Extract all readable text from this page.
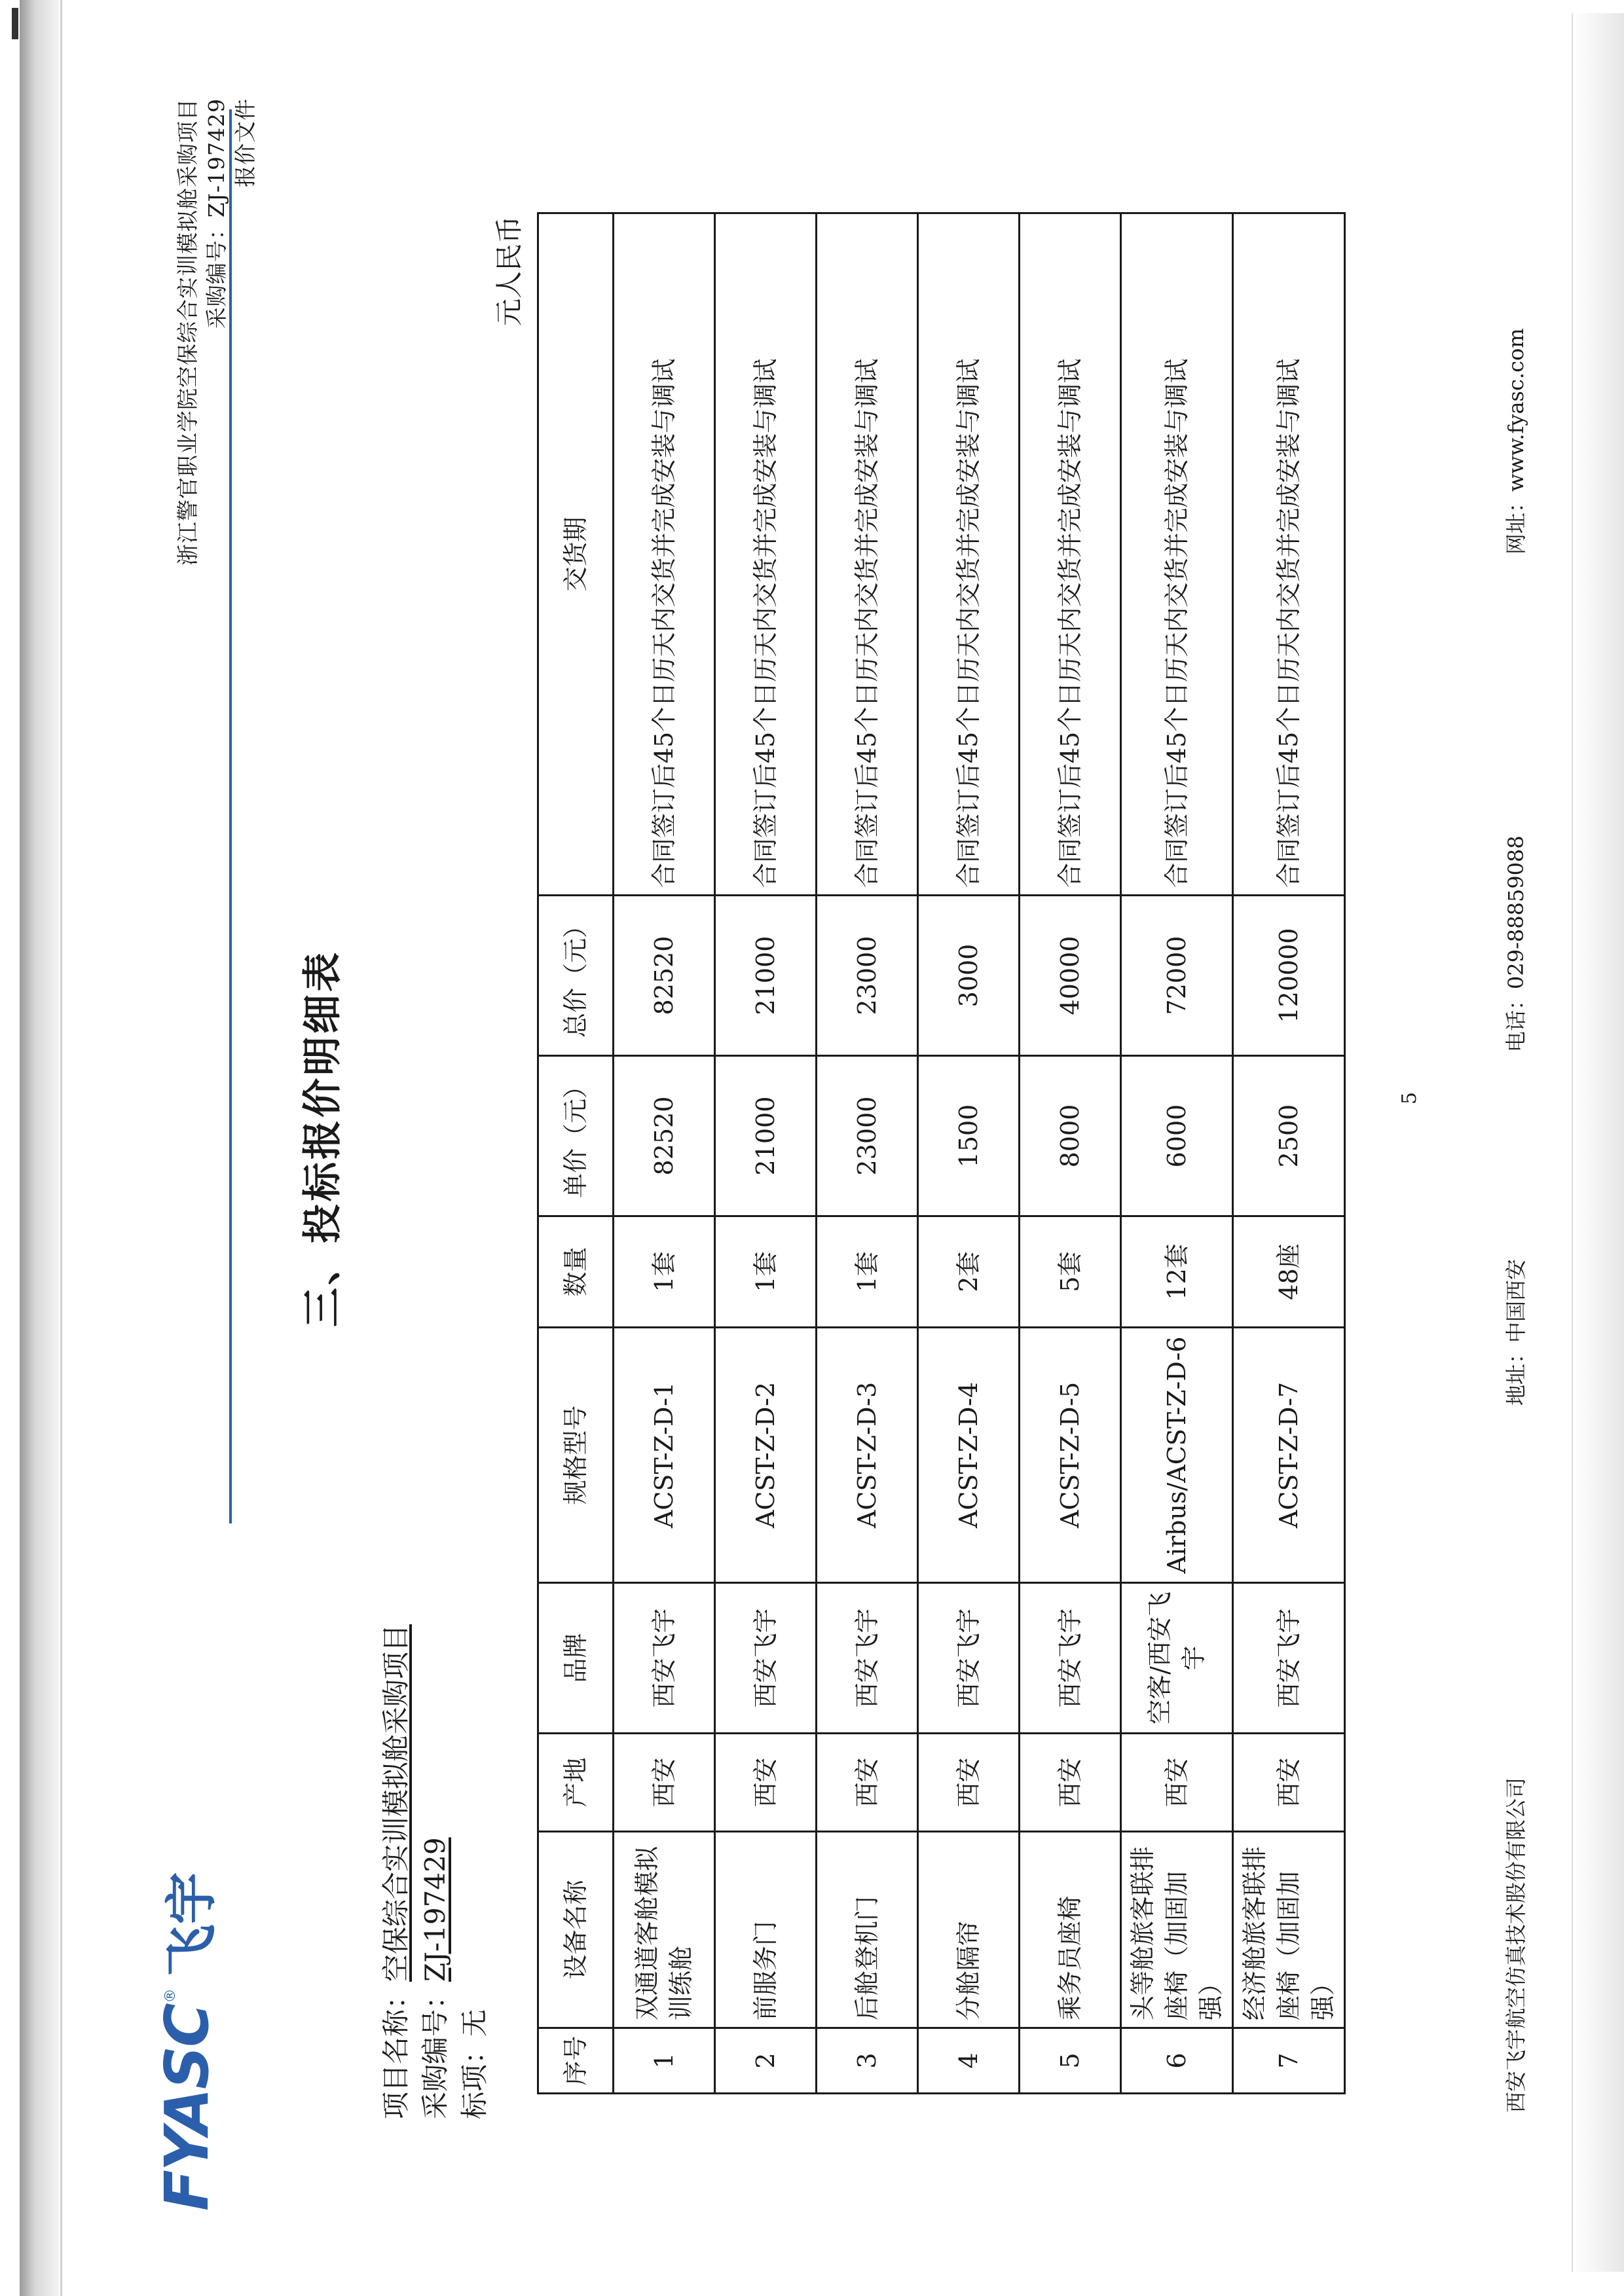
FYASC
®
飞宇
浙江警官职业学院空保综合实训模拟舱采购项目 采购编号：ZJ-197429 报价文件
三、投标报价明细表
项目名称：空保综合实训模拟舱采购项目
采购编号：ZJ-197429
标项：无
元人民币
序号	设备名称	产地	品牌	规格型号	数量	单价（元）	总价（元）	交货期
1	双通道客舱模拟训练舱	西安	西安飞宇	ACST-Z-D-1	1套	82520	82520	合同签订后45个日历天内交货并完成安装与调试
2	前服务门	西安	西安飞宇	ACST-Z-D-2	1套	21000	21000	合同签订后45个日历天内交货并完成安装与调试
3	后舱登机门	西安	西安飞宇	ACST-Z-D-3	1套	23000	23000	合同签订后45个日历天内交货并完成安装与调试
4	分舱隔帘	西安	西安飞宇	ACST-Z-D-4	2套	1500	3000	合同签订后45个日历天内交货并完成安装与调试
5	乘务员座椅	西安	西安飞宇	ACST-Z-D-5	5套	8000	40000	合同签订后45个日历天内交货并完成安装与调试
6	头等舱旅客联排座椅（加固加强）	西安	空客/西安飞宇	Airbus/ACST-Z-D-6	12套	6000	72000	合同签订后45个日历天内交货并完成安装与调试
7	经济舱旅客联排座椅（加固加强）	西安	西安飞宇	ACST-Z-D-7	48座	2500	120000	合同签订后45个日历天内交货并完成安装与调试
5
西安飞宇航空仿真技术股份有限公司
地址：中国西安
电话：029-88859088
网址：www.fyasc.com
